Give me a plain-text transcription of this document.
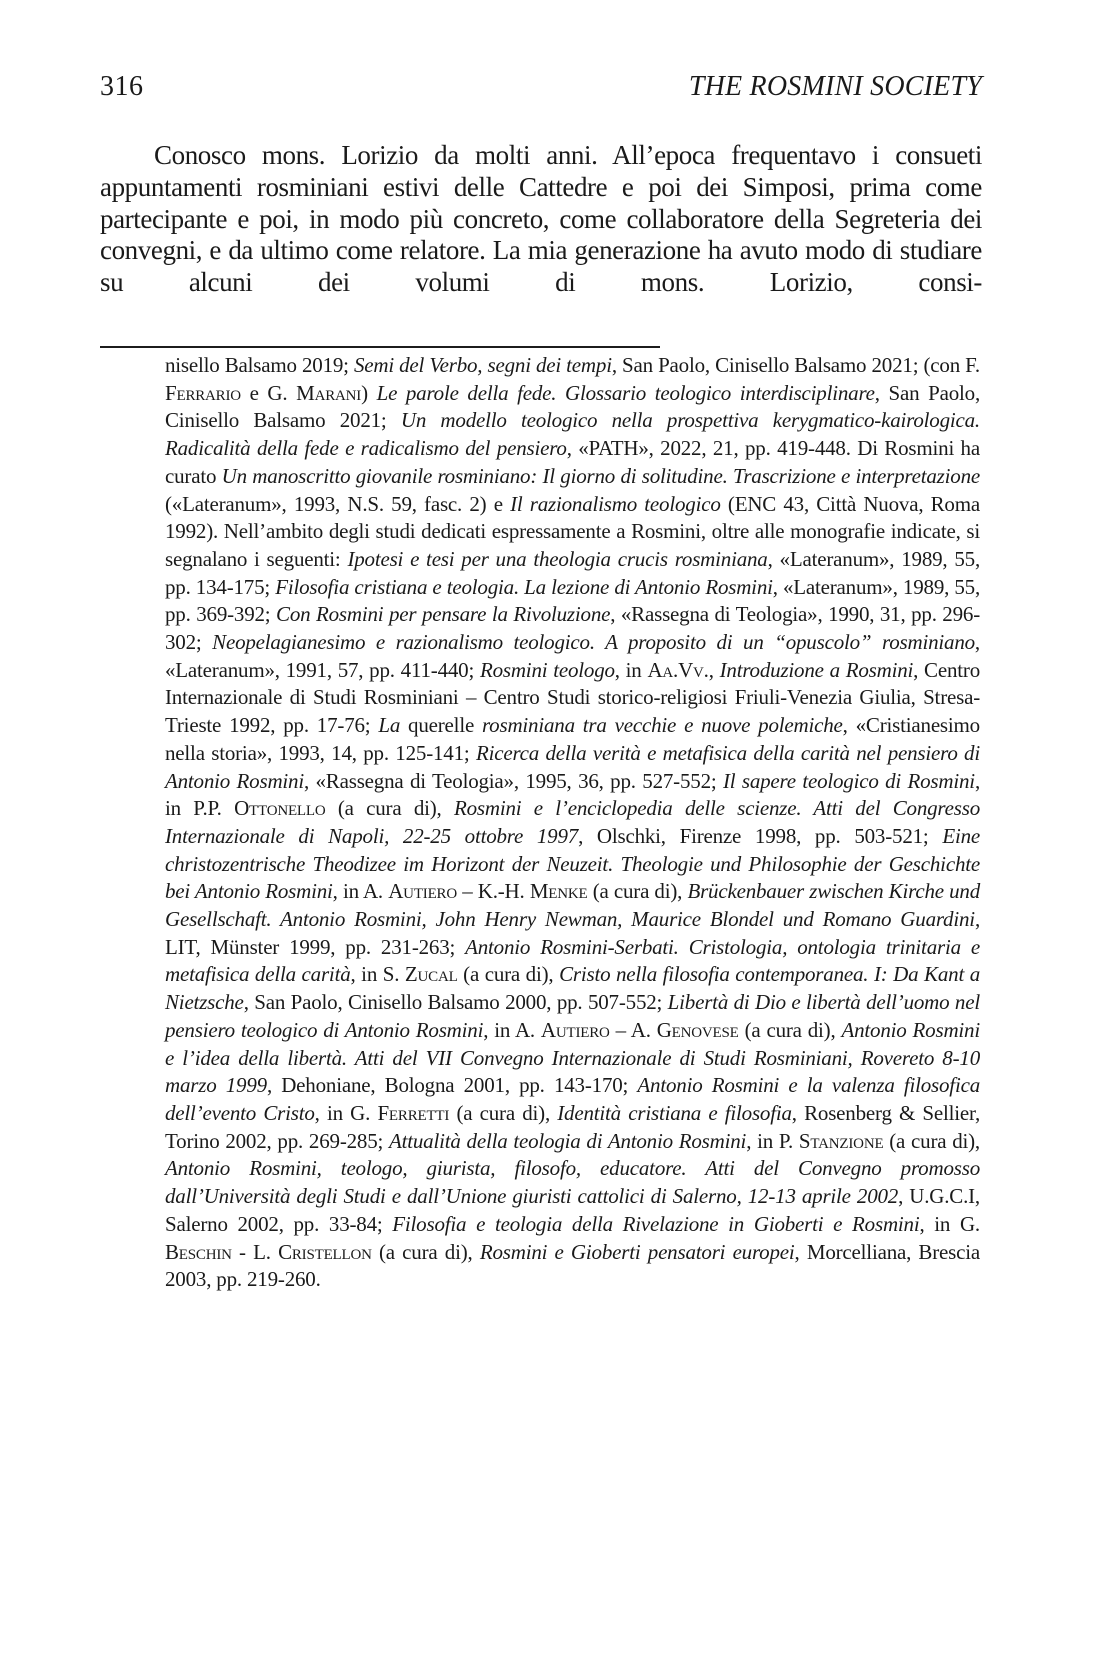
316	THE ROSMINI SOCIETY

Conosco mons. Lorizio da molti anni. All’epoca frequentavo i consueti appuntamenti rosminiani estivi delle Cattedre e poi dei Simposi, prima come partecipante e poi, in modo più concreto, come collaboratore della Segreteria dei convegni, e da ultimo come relatore. La mia generazione ha avuto modo di studiare su alcuni dei volumi di mons. Lorizio, consi-

nisello Balsamo 2019; Semi del Verbo, segni dei tempi, San Paolo, Cinisello Balsamo 2021; (con F. Ferrario e G. Marani) Le parole della fede. Glossario teologico interdisciplinare, San Paolo, Cinisello Balsamo 2021; Un modello teologico nella prospettiva kerygmatico-kairologica. Radicalità della fede e radicalismo del pensiero, «PATH», 2022, 21, pp. 419-448. Di Rosmini ha curato Un manoscritto giovanile rosminiano: Il giorno di solitudine. Trascrizione e interpretazione («Lateranum», 1993, N.S. 59, fasc. 2) e Il razionalismo teologico (ENC 43, Città Nuova, Roma 1992). Nell’ambito degli studi dedicati espressamente a Rosmini, oltre alle monografie indicate, si segnalano i seguenti: Ipotesi e tesi per una theologia crucis rosminiana, «Lateranum», 1989, 55, pp. 134-175; Filosofia cristiana e teologia. La lezione di Antonio Rosmini, «Lateranum», 1989, 55, pp. 369-392; Con Rosmini per pensare la Rivoluzione, «Rassegna di Teologia», 1990, 31, pp. 296-302; Neopelagianesimo e razionalismo teologico. A proposito di un “opuscolo” rosminiano, «Lateranum», 1991, 57, pp. 411-440; Rosmini teologo, in Aa.Vv., Introduzione a Rosmini, Centro Internazionale di Studi Rosminiani – Centro Studi storico-religiosi Friuli-Venezia Giulia, Stresa-Trieste 1992, pp. 17-76; La querelle rosminiana tra vecchie e nuove polemiche, «Cristianesimo nella storia», 1993, 14, pp. 125-141; Ricerca della verità e metafisica della carità nel pensiero di Antonio Rosmini, «Rassegna di Teologia», 1995, 36, pp. 527-552; Il sapere teologico di Rosmini, in P.P. Ottonello (a cura di), Rosmini e l’enciclopedia delle scienze. Atti del Congresso Internazionale di Napoli, 22-25 ottobre 1997, Olschki, Firenze 1998, pp. 503-521; Eine christozentrische Theodizee im Horizont der Neuzeit. Theologie und Philosophie der Geschichte bei Antonio Rosmini, in A. Autiero – K.-H. Menke (a cura di), Brückenbauer zwischen Kirche und Gesellschaft. Antonio Rosmini, John Henry Newman, Maurice Blondel und Romano Guardini, LIT, Münster 1999, pp. 231-263; Antonio Rosmini-Serbati. Cristologia, ontologia trinitaria e metafisica della carità, in S. Zucal (a cura di), Cristo nella filosofia contemporanea. I: Da Kant a Nietzsche, San Paolo, Cinisello Balsamo 2000, pp. 507-552; Libertà di Dio e libertà dell’uomo nel pensiero teologico di Antonio Rosmini, in A. Autiero – A. Genovese (a cura di), Antonio Rosmini e l’idea della libertà. Atti del VII Convegno Internazionale di Studi Rosminiani, Rovereto 8-10 marzo 1999, Dehoniane, Bologna 2001, pp. 143-170; Antonio Rosmini e la valenza filosofica dell’evento Cristo, in G. Ferretti (a cura di), Identità cristiana e filosofia, Rosenberg & Sellier, Torino 2002, pp. 269-285; Attualità della teologia di Antonio Rosmini, in P. Stanzione (a cura di), Antonio Rosmini, teologo, giurista, filosofo, educatore. Atti del Convegno promosso dall’Università degli Studi e dall’Unione giuristi cattolici di Salerno, 12-13 aprile 2002, U.G.C.I, Salerno 2002, pp. 33-84; Filosofia e teologia della Rivelazione in Gioberti e Rosmini, in G. Beschin - L. Cristellon (a cura di), Rosmini e Gioberti pensatori europei, Morcelliana, Brescia 2003, pp. 219-260.
